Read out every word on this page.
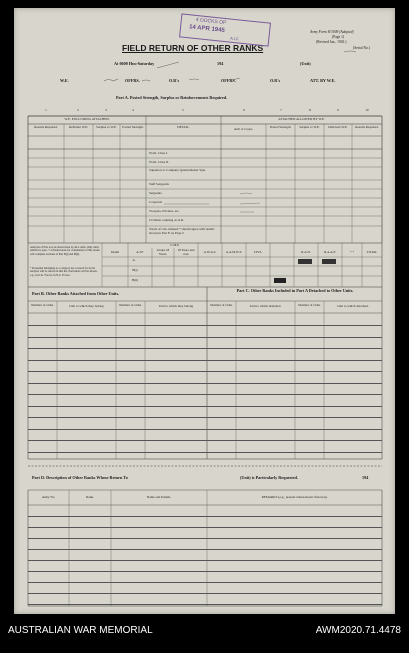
Army Form W.3009 (Adapted)
(Page 1)
(Revised Jan., 1943.)
(Serial No.)
FIELD RETURN OF OTHER RANKS
At 0600 Hrs. Saturday	194	(Unit)
W.E.	OFFRS.	O.R's	OFFRS.	O.R's	ATT. BY W.E.
Part A. Posted Strength, Surplus or Reinforcements Required.
4 DOCKS OP
14 APR 1945
A.I.F.
1	2	3	4	5	6	7	8	9	10
W.E. EXCLUDING ATTACHED.	ATTACHED ALLOWED BY W.E.
DETAIL.
Results Required.	Deficient W.E.	Surplus to W.E.	Posted Strength.	Arm or Corps.	Posted Strength.	Surplus to W.E.	Deficient W.E.	Results Required.
W.Os. Class I.
W.Os. Class II.
Squadron or Company Quartermaster Sgts.
Staff Sergeants
Sergeants
Corporals
Troopers, Privates, etc.
Civilians counting as O.R.
Totals of cols. marked * should agree with details shown in Part E on Page 2
Analysis of Part A to be shown here by ALL units. Only units entitled to para. 7 of Instructions for compilation of this return will complete sections of Part B(i) and B(ii).
* Personnel belonging to a category not covered for in the analysis will be shown in this list. Particulars will be shown, e.g., in U.K. Forces, in N.Z. Forces.
C.M.F.
Detail	A.I.F.	Under 18 Years.
18 Years and over.	A.W.A.S.	A.A.M.W.S.	CIVS.	R.A.N.	R.A.A.F.	* *	TOTAL
A.
B(i)
B(ii)
Part B. Other Ranks Attached from Other Units.
Number of O.Rs.	Unit to which they belong	Number of O.Rs.	Unit to which they belong
Part C. Other Ranks Included in Part A Detached to Other Units.
Number of O.Rs.	Unit to which detached.	Number of O.Rs.	Unit to which detached.
Part D. Description of Other Ranks Whose Return To	(Unit) is Particularly Requested.	194
Army No.	Rank.	Name and Initials.	REMARKS (e.g., present whereabouts if known).
AUSTRALIAN WAR MEMORIAL	AWM2020.71.4478
